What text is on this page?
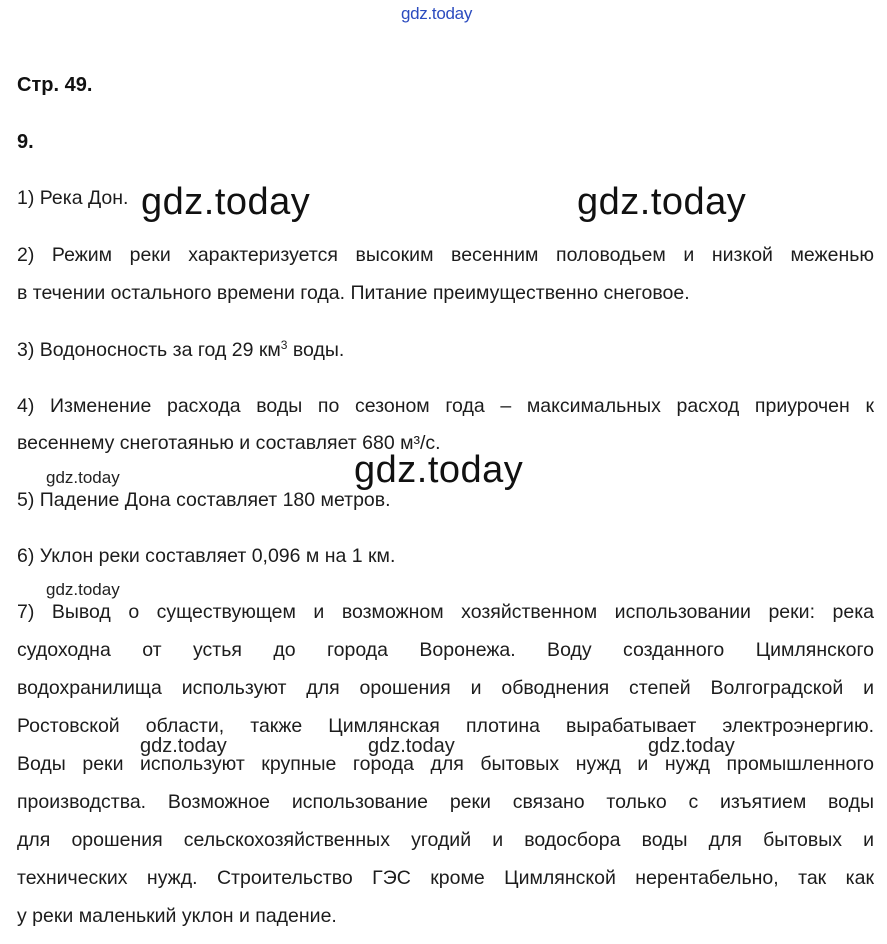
gdz.today
Стр. 49.
9.
1) Река Дон.
2) Режим реки характеризуется высоким весенним половодьем и низкой меженью
в течении остального времени года. Питание преимущественно снеговое.
3) Водоносность за год 29 $км^3$ воды.
4) Изменение расхода воды по сезоном года – максимальных расход приурочен к
весеннему снеготаянью и составляет 680 м³/с.
5) Падение Дона составляет 180 метров.
6) Уклон реки составляет 0,096 м на 1 км.
7) Вывод о существующем и возможном хозяйственном использовании реки: река
судоходна от устья до города Воронежа. Воду созданного Цимлянского
водохранилища используют для орошения и обводнения степей Волгоградской и
Ростовской области, также Цимлянская плотина вырабатывает электроэнергию.
Воды реки используют крупные города для бытовых нужд и нужд промышленного
производства. Возможное использование реки связано только с изъятием воды
для орошения сельскохозяйственных угодий и водосбора воды для бытовых и
технических нужд. Строительство ГЭС кроме Цимлянской нерентабельно, так как
у реки маленький уклон и падение.
gdz.today	gdz.today
gdz.today
gdz.today
gdz.today
gdz.today	gdz.today	gdz.today
